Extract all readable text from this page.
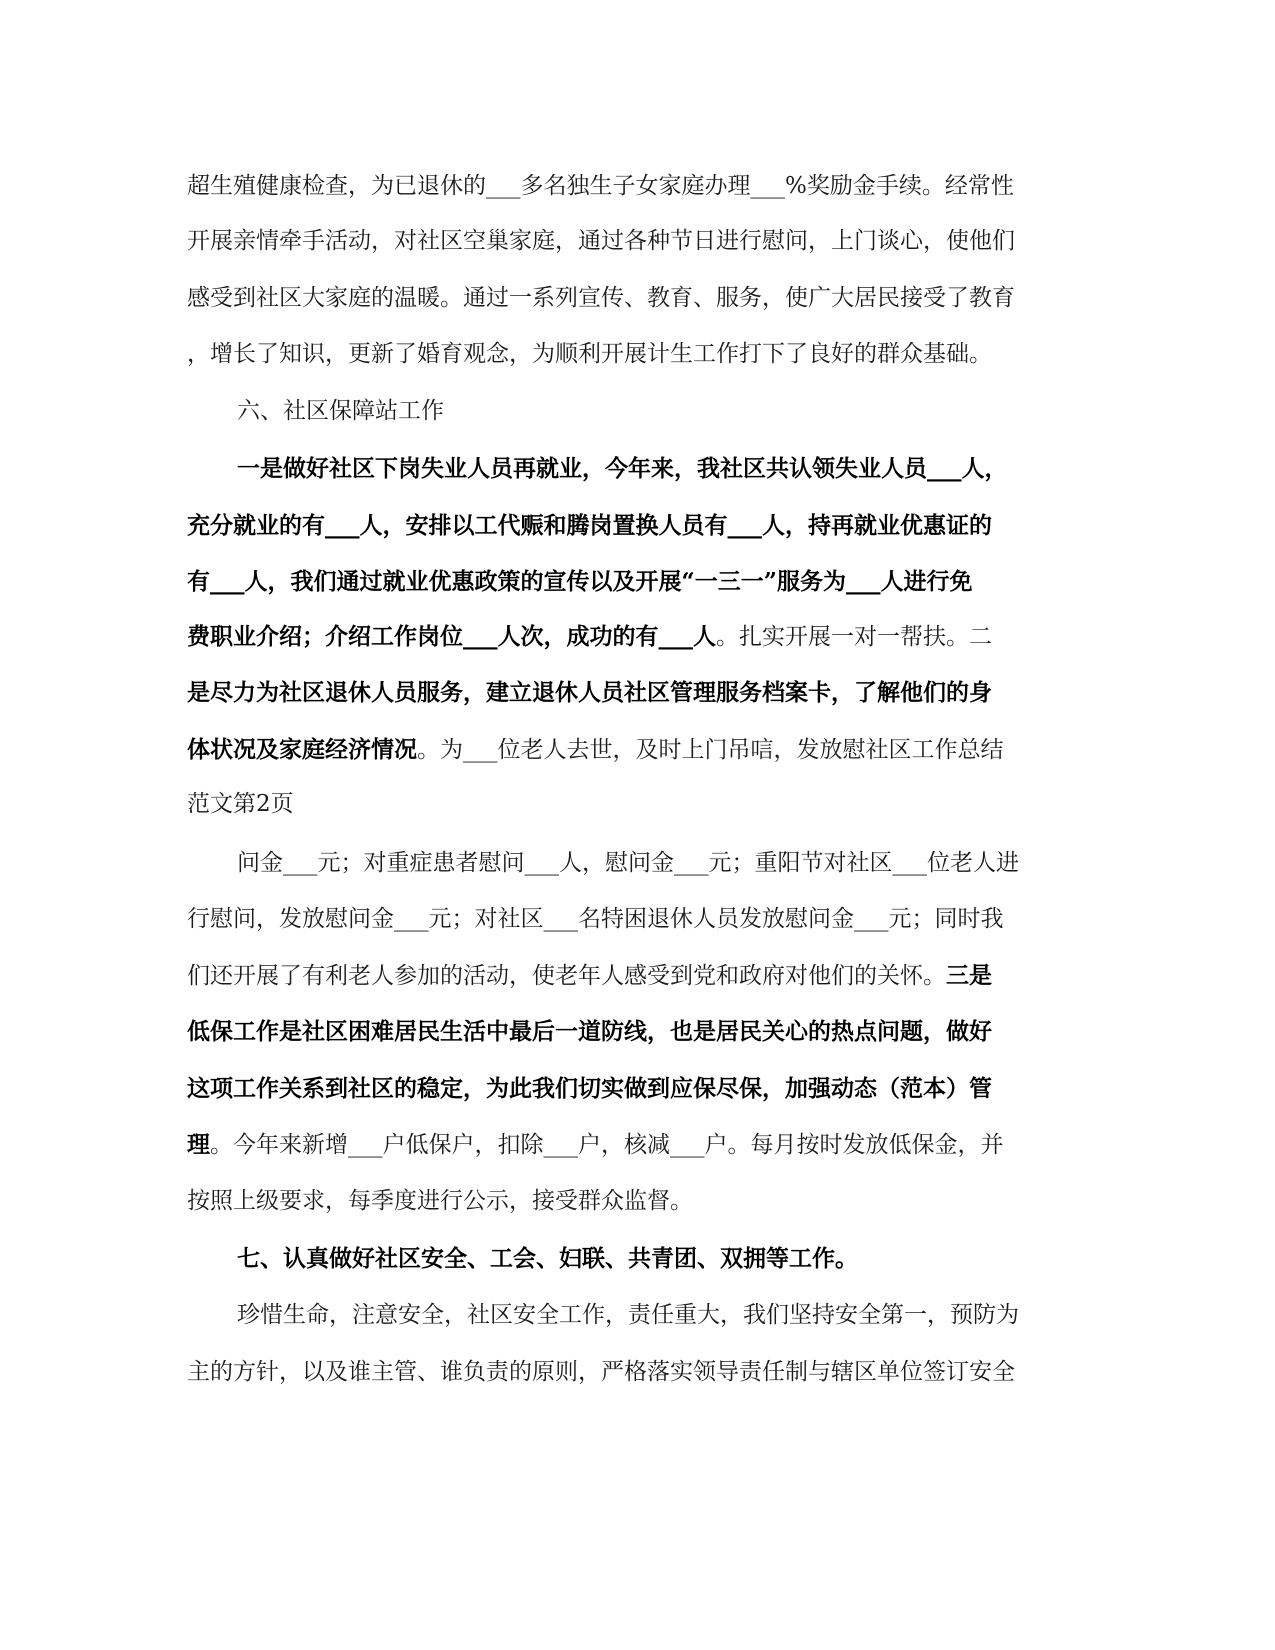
超生殖健康检查，为已退休的___多名独生子女家庭办理___%奖励金手续。经常性
开展亲情牵手活动，对社区空巢家庭，通过各种节日进行慰问，上门谈心，使他们
感受到社区大家庭的温暖。通过一系列宣传、教育、服务，使广大居民接受了教育
，增长了知识，更新了婚育观念，为顺利开展计生工作打下了良好的群众基础。
六、社区保障站工作
一是做好社区下岗失业人员再就业，今年来，我社区共认领失业人员___人，
充分就业的有___人，安排以工代赈和腾岗置换人员有___人，持再就业优惠证的
有___人，我们通过就业优惠政策的宣传以及开展“一三一”服务为___人进行免
费职业介绍；介绍工作岗位___人次，成功的有___人。扎实开展一对一帮扶。二
是尽力为社区退休人员服务，建立退休人员社区管理服务档案卡，了解他们的身
体状况及家庭经济情况。为___位老人去世，及时上门吊唁，发放慰社区工作总结
范文第2页
问金___元；对重症患者慰问___人，慰问金___元；重阳节对社区___位老人进
行慰问，发放慰问金___元；对社区___名特困退休人员发放慰问金___元；同时我
们还开展了有利老人参加的活动，使老年人感受到党和政府对他们的关怀。三是
低保工作是社区困难居民生活中最后一道防线，也是居民关心的热点问题，做好
这项工作关系到社区的稳定，为此我们切实做到应保尽保，加强动态（范本）管
理。今年来新增___户低保户，扣除___户，核减___户。每月按时发放低保金，并
按照上级要求，每季度进行公示，接受群众监督。
七、认真做好社区安全、工会、妇联、共青团、双拥等工作。
珍惜生命，注意安全，社区安全工作，责任重大，我们坚持安全第一，预防为
主的方针，以及谁主管、谁负责的原则，严格落实领导责任制与辖区单位签订安全
